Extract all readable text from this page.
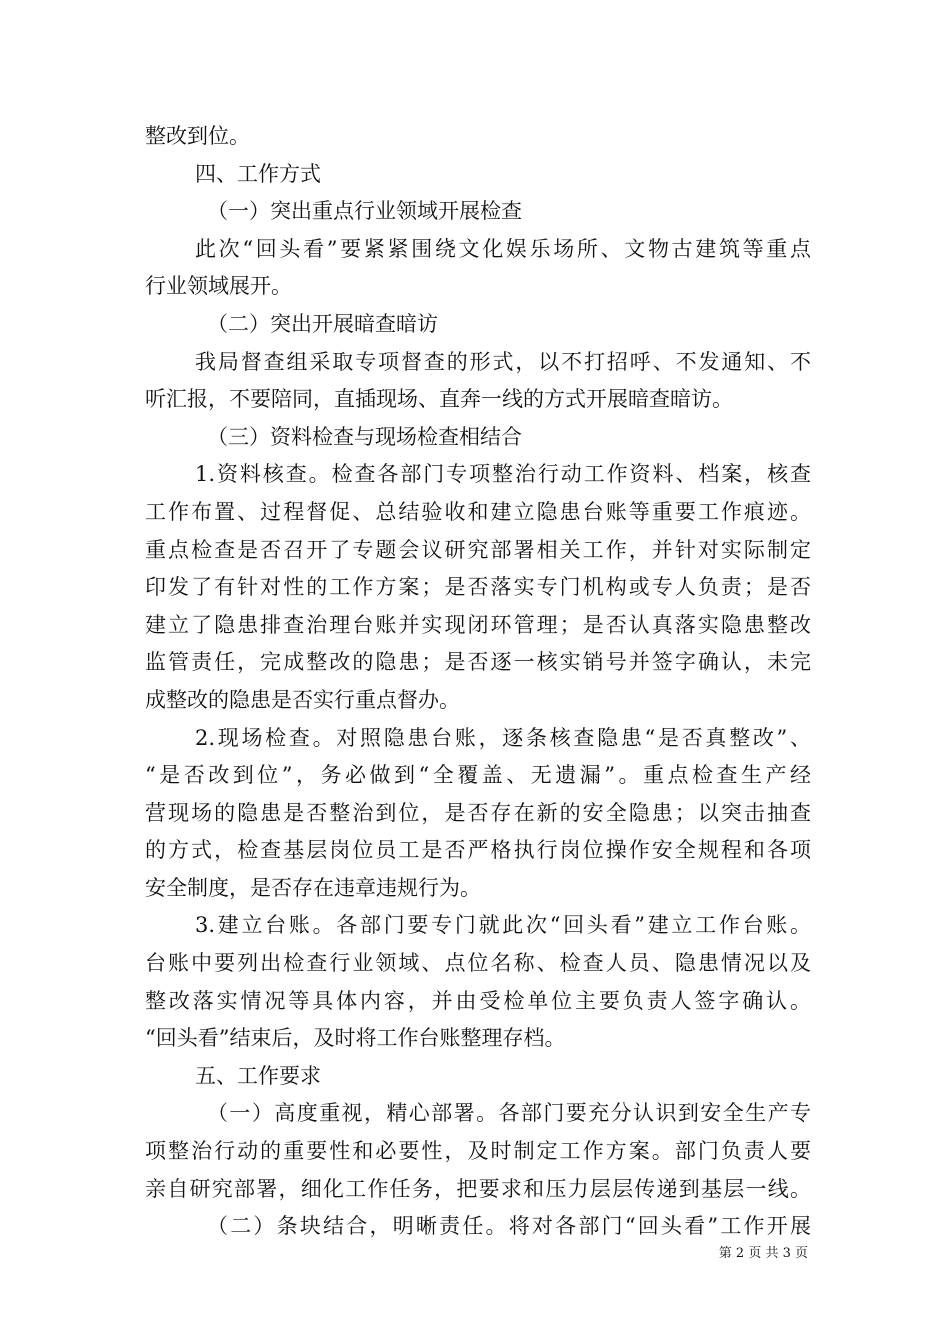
整改到位。
四、工作方式
（一）突出重点行业领域开展检查
此次“回头看”要紧紧围绕文化娱乐场所、文物古建筑等重点
行业领域展开。
（二）突出开展暗查暗访
我局督查组采取专项督查的形式，以不打招呼、不发通知、不
听汇报，不要陪同，直插现场、直奔一线的方式开展暗查暗访。
（三）资料检查与现场检查相结合
1.资料核查。检查各部门专项整治行动工作资料、档案，核查
工作布置、过程督促、总结验收和建立隐患台账等重要工作痕迹。
重点检查是否召开了专题会议研究部署相关工作，并针对实际制定
印发了有针对性的工作方案；是否落实专门机构或专人负责；是否
建立了隐患排查治理台账并实现闭环管理；是否认真落实隐患整改
监管责任，完成整改的隐患；是否逐一核实销号并签字确认，未完
成整改的隐患是否实行重点督办。
2.现场检查。对照隐患台账，逐条核查隐患“是否真整改”、
“是否改到位”，务必做到“全覆盖、无遗漏”。重点检查生产经
营现场的隐患是否整治到位，是否存在新的安全隐患；以突击抽查
的方式，检查基层岗位员工是否严格执行岗位操作安全规程和各项
安全制度，是否存在违章违规行为。
3.建立台账。各部门要专门就此次“回头看”建立工作台账。
台账中要列出检查行业领域、点位名称、检查人员、隐患情况以及
整改落实情况等具体内容，并由受检单位主要负责人签字确认。
“回头看”结束后，及时将工作台账整理存档。
五、工作要求
（一）高度重视，精心部署。各部门要充分认识到安全生产专
项整治行动的重要性和必要性，及时制定工作方案。部门负责人要
亲自研究部署，细化工作任务，把要求和压力层层传递到基层一线。
（二）条块结合，明晰责任。将对各部门“回头看”工作开展
第 2 页 共 3 页
